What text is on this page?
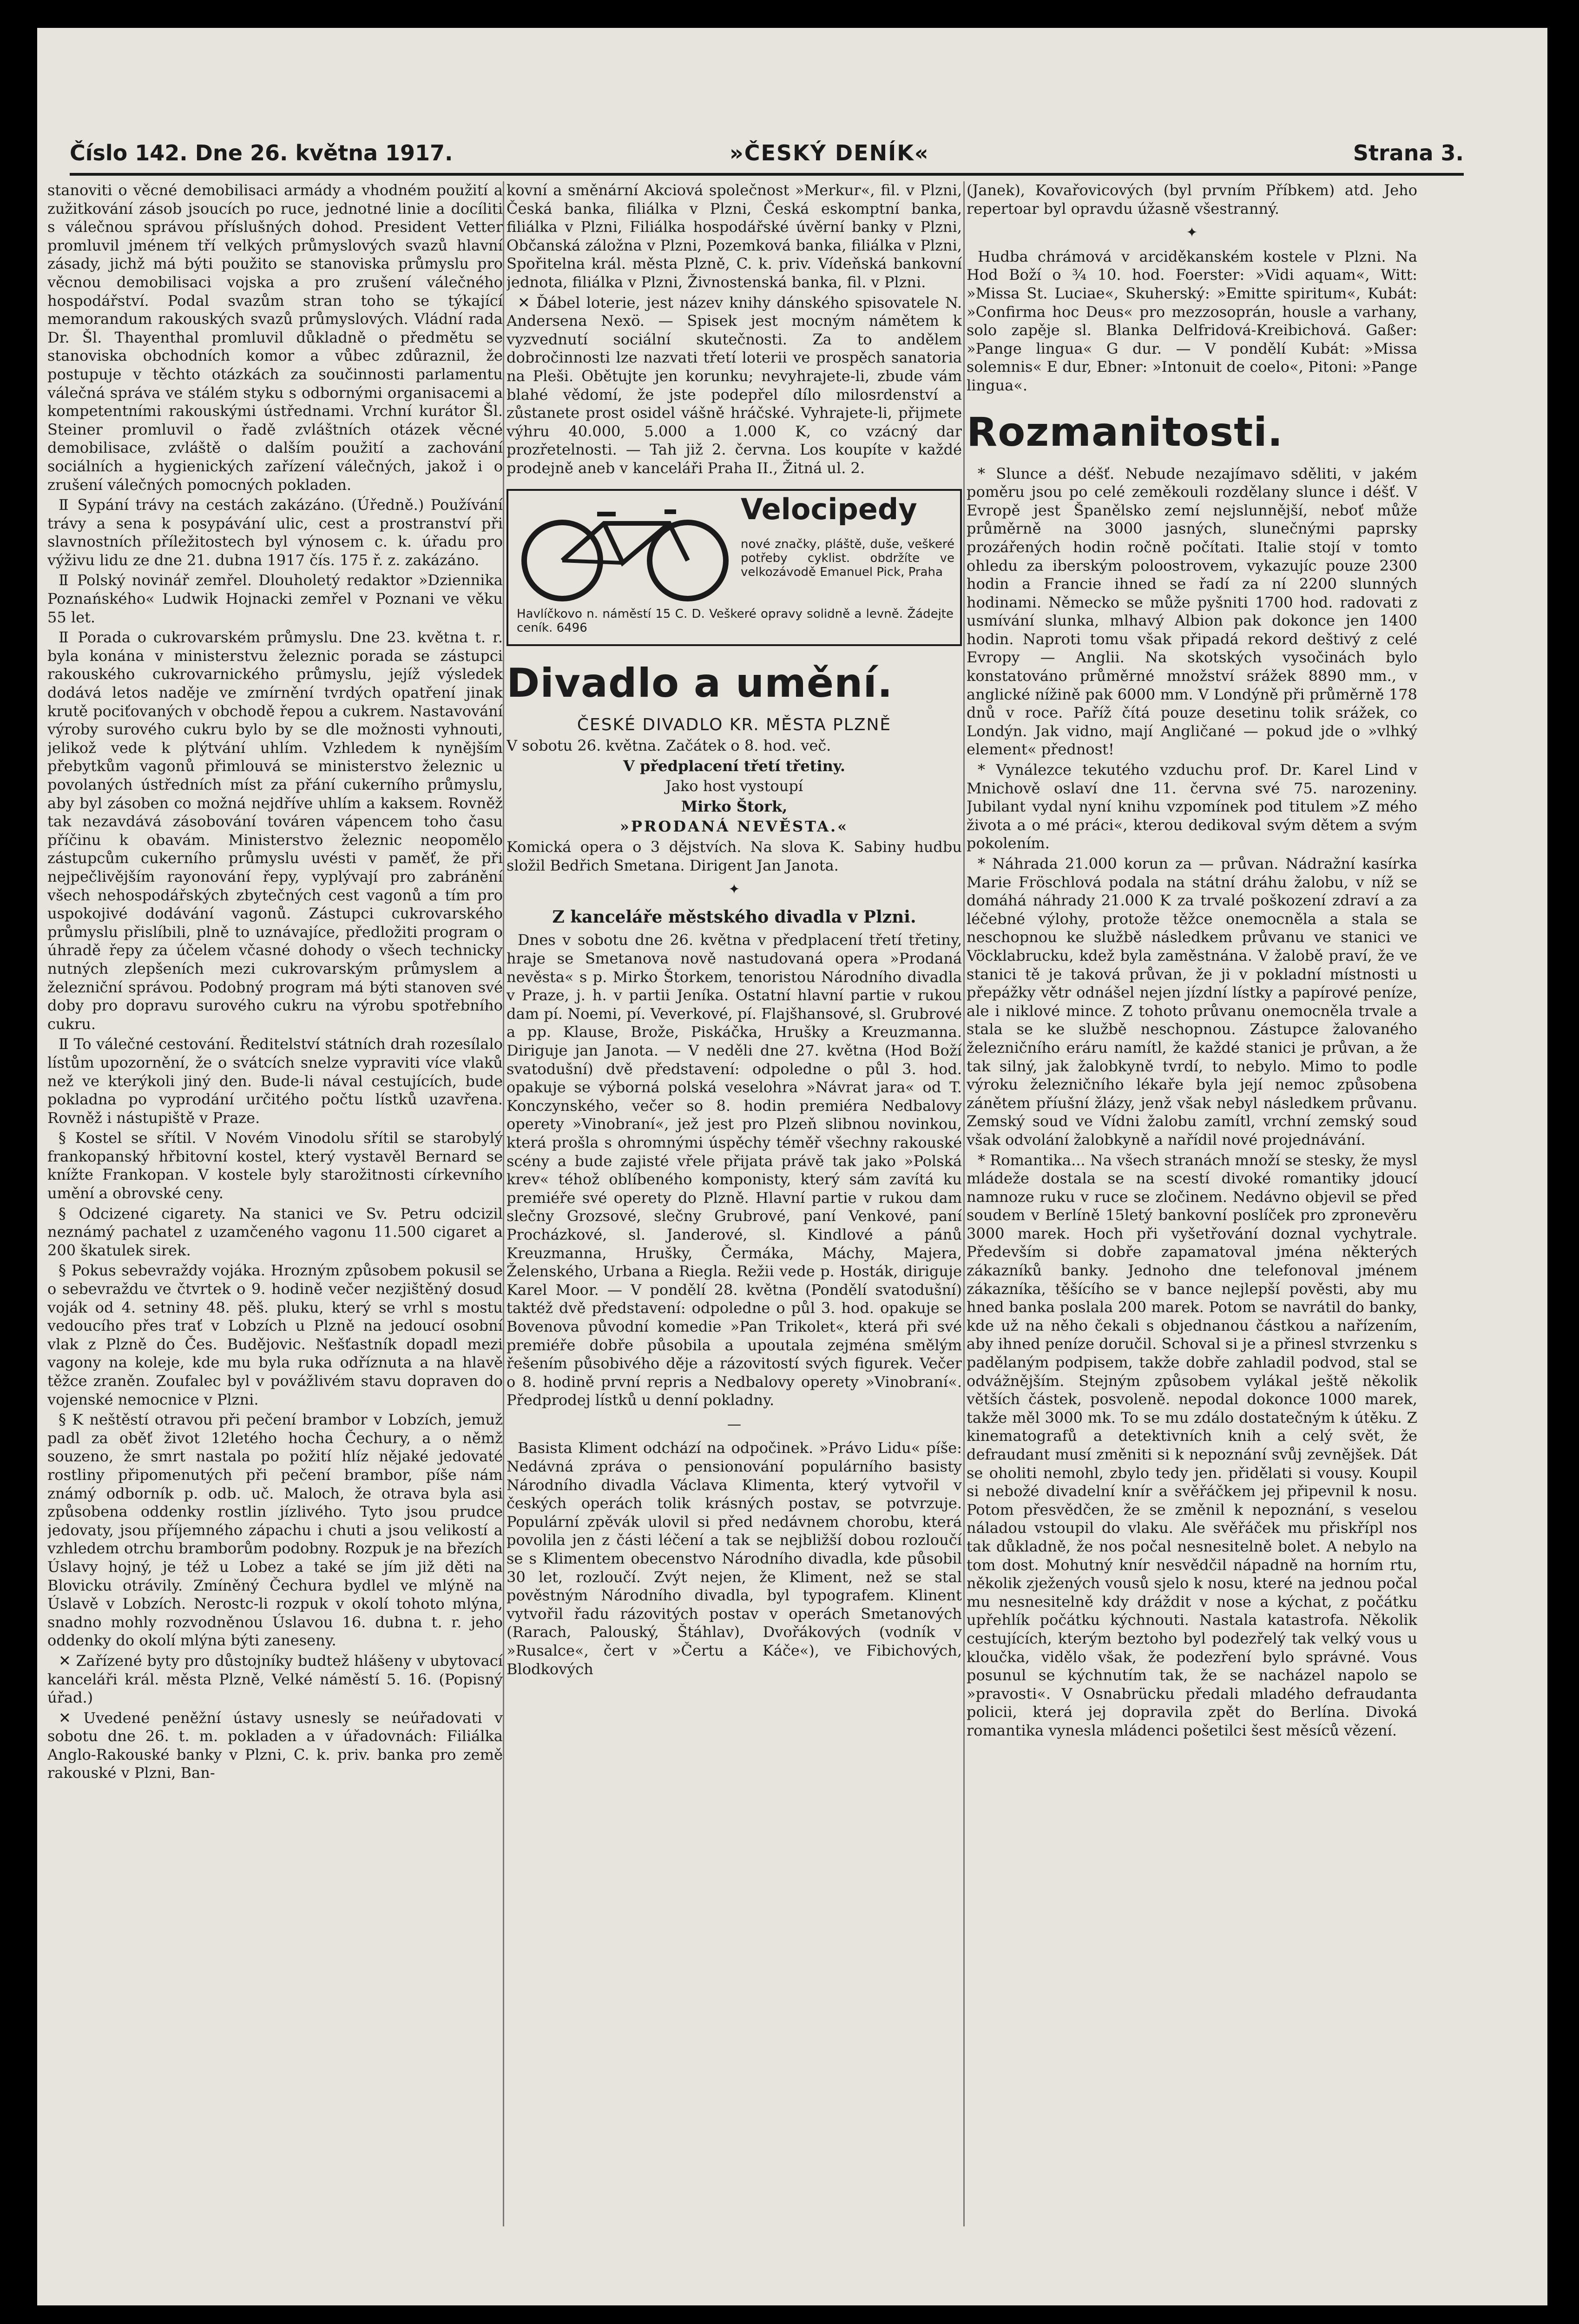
Číslo 142. Dne 26. května 1917.	»ČESKÝ DENÍK«	Strana 3.

stanoviti o věcné demobilisaci armády a vhodném použití a zužitkování zásob jsoucích po ruce, jednotné linie a docíliti s válečnou správou příslušných dohod. President Vetter promluvil jménem tří velkých průmyslových svazů hlavní zásady, jichž má býti použito se stanoviska průmyslu pro věcnou demobilisaci vojska a pro zrušení válečného hospodářství. Podal svazům stran toho se týkající memorandum rakouských svazů průmyslových. Vládní rada Dr. Šl. Thayenthal promluvil důkladně o předmětu se stanoviska obchodních komor a vůbec zdůraznil, že postupuje v těchto otázkách za součinnosti parlamentu válečná správa ve stálém styku s odbornými organisacemi a kompetentními rakouskými ústřednami. Vrchní kurátor Šl. Steiner promluvil o řadě zvláštních otázek věcné demobilisace, zvláště o dalším použití a zachování sociálních a hygienických zařízení válečných, jakož i o zrušení válečných pomocných pokladen.

Ⅱ Sypání trávy na cestách zakázáno. (Úředně.) Používání trávy a sena k posypávání ulic, cest a prostranství při slavnostních příležitostech byl výnosem c. k. úřadu pro výživu lidu ze dne 21. dubna 1917 čís. 175 ř. z. zakázáno.

Ⅱ Polský novinář zemřel. Dlouholetý redaktor »Dziennika Poznańského« Ludwik Hojnacki zemřel v Poznani ve věku 55 let.

Ⅱ Porada o cukrovarském průmyslu. Dne 23. května t. r. byla konána v ministerstvu železnic porada se zástupci rakouského cukrovarnického průmyslu, jejíž výsledek dodává letos naděje ve zmírnění tvrdých opatření jinak krutě pociťovaných v obchodě řepou a cukrem. Nastavování výroby surového cukru bylo by se dle možnosti vyhnouti, jelikož vede k plýtvání uhlím. Vzhledem k nynějším přebytkům vagonů přimlouvá se ministerstvo železnic u povolaných ústředních míst za přání cukerního průmyslu, aby byl zásoben co možná nejdříve uhlím a kaksem. Rovněž tak nezavdává zásobování továren vápencem toho času příčinu k obavám. Ministerstvo železnic neopomělo zástupcům cukerního průmyslu uvésti v paměť, že při nejpečlivějším rayonování řepy, vyplývají pro zabránění všech nehospodářských zbytečných cest vagonů a tím pro uspokojivé dodávání vagonů. Zástupci cukrovarského průmyslu přislíbili, plně to uznávajíce, předložiti program o úhradě řepy za účelem včasné dohody o všech technicky nutných zlepšeních mezi cukrovarským průmyslem a železniční správou. Podobný program má býti stanoven své doby pro dopravu surového cukru na výrobu spotřebního cukru.

Ⅱ To válečné cestování. Ředitelství státních drah rozesílalo lístům upozornění, že o svátcích snelze vypraviti více vlaků než ve kterýkoli jiný den. Bude-li nával cestujících, bude pokladna po vyprodání určitého počtu lístků uzavřena. Rovněž i nástupiště v Praze.

§ Kostel se sřítil. V Novém Vinodolu sřítil se starobylý frankopanský hřbitovní kostel, který vystavěl Bernard se knížte Frankopan. V kostele byly starožitnosti církevního umění a obrovské ceny.

§ Odcizené cigarety. Na stanici ve Sv. Petru odcizil neznámý pachatel z uzamčeného vagonu 11.500 cigaret a 200 škatulek sirek.

§ Pokus sebevraždy vojáka. Hrozným způsobem pokusil se o sebevraždu ve čtvrtek o 9. hodině večer nezjištěný dosud voják od 4. setniny 48. pěš. pluku, který se vrhl s mostu vedoucího přes trať v Lobzích u Plzně na jedoucí osobní vlak z Plzně do Čes. Budějovic. Nešťastník dopadl mezi vagony na koleje, kde mu byla ruka odříznuta a na hlavě těžce zraněn. Zoufalec byl v povážlivém stavu dopraven do vojenské nemocnice v Plzni.

§ K neštěstí otravou při pečení brambor v Lobzích, jemuž padl za oběť život 12letého hocha Čechury, a o němž souzeno, že smrt nastala po požití hlíz nějaké jedovaté rostliny připomenutých při pečení brambor, píše nám známý odborník p. odb. uč. Maloch, že otrava byla asi způsobena oddenky rostlin jízlivého. Tyto jsou prudce jedovaty, jsou příjemného zápachu i chuti a jsou velikostí a vzhledem otrchu bramborům podobny. Rozpuk je na březích Úslavy hojný, je též u Lobez a také se jím již děti na Blovicku otrávily. Zmíněný Čechura bydlel ve mlýně na Úslavě v Lobzích. Nerostc-li rozpuk v okolí tohoto mlýna, snadno mohly rozvodněnou Úslavou 16. dubna t. r. jeho oddenky do okolí mlýna býti zaneseny.

✕ Zařízené byty pro důstojníky budtež hlášeny v ubytovací kanceláři král. města Plzně, Velké náměstí 5. 16. (Popisný úřad.)

✕ Uvedené peněžní ústavy usnesly se neúřadovati v sobotu dne 26. t. m. pokladen a v úřadovnách: Filiálka Anglo-Rakouské banky v Plzni, C. k. priv. banka pro země rakouské v Plzni, Ban-

kovní a směnární Akciová společnost »Merkur«, fil. v Plzni, Česká banka, filiálka v Plzni, Česká eskomptní banka, filiálka v Plzni, Filiálka hospodářské úvěrní banky v Plzni, Občanská záložna v Plzni, Pozemková banka, filiálka v Plzni, Spořitelna král. města Plzně, C. k. priv. Vídeňská bankovní jednota, filiálka v Plzni, Živnostenská banka, fil. v Plzni.

✕ Ďábel loterie, jest název knihy dánského spisovatele N. Andersena Nexö. — Spisek jest mocným námětem k vyzvednutí sociální skutečnosti. Za to andělem dobročinnosti lze nazvati třetí loterii ve prospěch sanatoria na Pleši. Obětujte jen korunku; nevyhrajete-li, zbude vám blahé vědomí, že jste podepřel dílo milosrdenství a zůstanete prost osidel vášně hráčské. Vyhrajete-li, přijmete výhru 40.000, 5.000 a 1.000 K, co vzácný dar prozřetelnosti. — Tah již 2. června. Los koupíte v každé prodejně aneb v kanceláři Praha II., Žitná ul. 2.

Velocipedy
nové značky, pláště, duše, veškeré potřeby cyklist. obdržíte ve velkozávodě Emanuel Pick, Praha
Havlíčkovo n. náměstí 15 C. D. Veškeré opravy solidně a levně. Žádejte ceník. 6496
Divadlo a umění.
ČESKÉ DIVADLO KR. MĚSTA PLZNĚ

V sobotu 26. května. Začátek o 8. hod. več.

V předplacení třetí třetiny.

Jako host vystoupí

Mirko Štork,

»PRODANÁ NEVĚSTA.«

Komická opera o 3 dějstvích. Na slova K. Sabiny hudbu složil Bedřich Smetana. Dirigent Jan Janota.

✦
Z kanceláře městského divadla v Plzni.

Dnes v sobotu dne 26. května v předplacení třetí třetiny, hraje se Smetanova nově nastudovaná opera »Prodaná nevěsta« s p. Mirko Štorkem, tenoristou Národního divadla v Praze, j. h. v partii Jeníka. Ostatní hlavní partie v rukou dam pí. Noemi, pí. Veverkové, pí. Flajšhansové, sl. Grubrové a pp. Klause, Brože, Piskáčka, Hrušky a Kreuzmanna. Diriguje jan Janota. — V neděli dne 27. května (Hod Boží svatodušní) dvě představení: odpoledne o půl 3. hod. opakuje se výborná polská veselohra »Návrat jara« od T. Konczynského, večer so 8. hodin premiéra Nedbalovy operety »Vinobraní«, jež jest pro Plzeň slibnou novinkou, která prošla s ohromnými úspěchy téměř všechny rakouské scény a bude zajisté vřele přijata právě tak jako »Polská krev« téhož oblíbeného komponisty, který sám zavítá ku premiéře své operety do Plzně. Hlavní partie v rukou dam slečny Grozsové, slečny Grubrové, paní Venkové, paní Procházkové, sl. Janderové, sl. Kindlové a pánů Kreuzmanna, Hrušky, Čermáka, Máchy, Majera, Želenského, Urbana a Riegla. Režii vede p. Hosták, diriguje Karel Moor. — V pondělí 28. května (Pondělí svatodušní) taktéž dvě představení: odpoledne o půl 3. hod. opakuje se Bovenova původní komedie »Pan Trikolet«, která při své premiéře dobře působila a upoutala zejména smělým řešením působivého děje a rázovitostí svých figurek. Večer o 8. hodině první repris a Nedbalovy operety »Vinobraní«. Předprodej lístků u denní pokladny.

—

Basista Kliment odchází na odpočinek. »Právo Lidu« píše: Nedávná zpráva o pensionování populárního basisty Národního divadla Václava Klimenta, který vytvořil v českých operách tolik krásných postav, se potvrzuje. Populární zpěvák ulovil si před nedávnem chorobu, která povolila jen z části léčení a tak se nejbližší dobou rozloučí se s Klimentem obecenstvo Národního divadla, kde působil 30 let, rozloučí. Zvýt nejen, že Kliment, než se stal pověstným Národního divadla, byl typografem. Klinent vytvořil řadu rázovitých postav v operách Smetanových (Rarach, Palouský, Štáhlav), Dvořákových (vodník v »Rusalce«, čert v »Čertu a Káče«), ve Fibichových, Blodkových

(Janek), Kovařovicových (byl prvním Příbkem) atd. Jeho repertoar byl opravdu úžasně všestranný.

✦

Hudba chrámová v arciděkanském kostele v Plzni. Na Hod Boží o ¾ 10. hod. Foerster: »Vidi aquam«, Witt: »Missa St. Luciae«, Skuherský: »Emitte spiritum«, Kubát: »Confirma hoc Deus« pro mezzosoprán, housle a varhany, solo zapěje sl. Blanka Delfridová-Kreibichová. Gaßer: »Pange lingua« G dur. — V pondělí Kubát: »Missa solemnis« E dur, Ebner: »Intonuit de coelo«, Pitoni: »Pange lingua«.

Rozmanitosti.

* Slunce a déšť. Nebude nezajímavo sděliti, v jakém poměru jsou po celé zeměkouli rozdělany slunce i déšť. V Evropě jest Španělsko zemí nejslunnější, neboť může průměrně na 3000 jasných, slunečnými paprsky prozářených hodin ročně počítati. Italie stojí v tomto ohledu za iberským poloostrovem, vykazujíc pouze 2300 hodin a Francie ihned se řadí za ní 2200 slunných hodinami. Německo se může pyšniti 1700 hod. radovati z usmívání slunka, mlhavý Albion pak dokonce jen 1400 hodin. Naproti tomu však připadá rekord deštivý z celé Evropy — Anglii. Na skotských vysočinách bylo konstatováno průměrné množství srážek 8890 mm., v anglické nížině pak 6000 mm. V Londýně při průměrně 178 dnů v roce. Paříž čítá pouze desetinu tolik srážek, co Londýn. Jak vidno, mají Angličané — pokud jde o »vlhký element« přednost!

* Vynálezce tekutého vzduchu prof. Dr. Karel Lind v Mnichově oslaví dne 11. června své 75. narozeniny. Jubilant vydal nyní knihu vzpomínek pod titulem »Z mého života a o mé práci«, kterou dedikoval svým dětem a svým pokolením.

* Náhrada 21.000 korun za — průvan. Nádražní kasírka Marie Fröschlová podala na státní dráhu žalobu, v níž se domáhá náhrady 21.000 K za trvalé poškození zdraví a za léčebné výlohy, protože těžce onemocněla a stala se neschopnou ke službě následkem průvanu ve stanici ve Vöcklabrucku, kdež byla zaměstnána. V žalobě praví, že ve stanici tě je taková průvan, že ji v pokladní místnosti u přepážky větr odnášel nejen jízdní lístky a papírové peníze, ale i niklové mince. Z tohoto průvanu onemocněla trvale a stala se ke službě neschopnou. Zástupce žalovaného železničního eráru namítl, že každé stanici je průvan, a že tak silný, jak žalobkyně tvrdí, to nebylo. Mimo to podle výroku železničního lékaře byla její nemoc způsobena zánětem příušní žlázy, jenž však nebyl následkem průvanu. Zemský soud ve Vídni žalobu zamítl, vrchní zemský soud však odvolání žalobkyně a nařídil nové projednávání.

* Romantika... Na všech stranách množí se stesky, že mysl mládeže dostala se na scestí divoké romantiky jdoucí namnoze ruku v ruce se zločinem. Nedávno objevil se před soudem v Berlíně 15letý bankovní poslíček pro zpronevěru 3000 marek. Hoch při vyšetřování doznal vychytrale. Především si dobře zapamatoval jména některých zákazníků banky. Jednoho dne telefonoval jménem zákazníka, těšícího se v bance nejlepší pověsti, aby mu hned banka poslala 200 marek. Potom se navrátil do banky, kde už na něho čekali s objednanou částkou a nařízením, aby ihned peníze doručil. Schoval si je a přinesl stvrzenku s padělaným podpisem, takže dobře zahladil podvod, stal se odvážnějším. Stejným způsobem vylákal ještě několik větších částek, posvoleně. nepodal dokonce 1000 marek, takže měl 3000 mk. To se mu zdálo dostatečným k útěku. Z kinematografů a detektivních knih a celý svět, že defraudant musí změniti si k nepoznání svůj zevnějšek. Dát se oholiti nemohl, zbylo tedy jen. přidělati si vousy. Koupil si nebožé divadelní knír a svěřáčkem jej připevnil k nosu. Potom přesvědčen, že se změnil k nepoznání, s veselou náladou vstoupil do vlaku. Ale svěřáček mu přiskřípl nos tak důkladně, že nos počal nesnesitelně bolet. A nebylo na tom dost. Mohutný knír nesvědčil nápadně na horním rtu, několik zježených vousů sjelo k nosu, které na jednou počal mu nesnesitelně kdy dráždit v nose a kýchat, z počátku upřehlík počátku kýchnouti. Nastala katastrofa. Několik cestujících, kterým beztoho byl podezřelý tak velký vous u kloučka, vidělo však, že podezření bylo správné. Vous posunul se kýchnutím tak, že se nacházel napolo se »pravosti«. V Osnabrücku předali mladého defraudanta policii, která jej dopravila zpět do Berlína. Divoká romantika vynesla mládenci pošetilci šest měsíců vězení.
